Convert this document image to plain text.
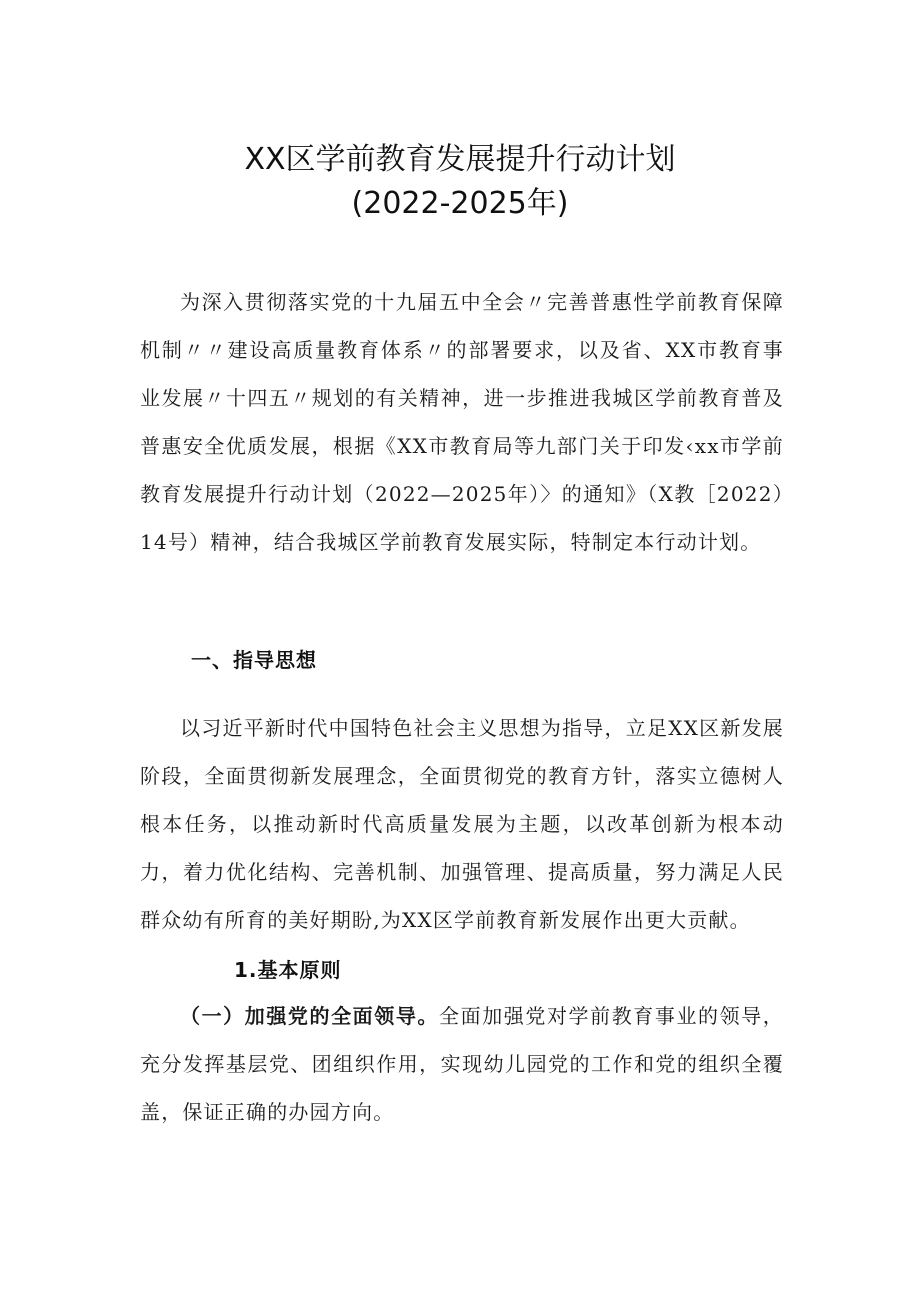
XX区学前教育发展提升行动计划
(2022-2025年)

为深入贯彻落实党的十九届五中全会〃完善普惠性学前教育保障机制〃〃建设高质量教育体系〃的部署要求，以及省、XX市教育事业发展〃十四五〃规划的有关精神，进一步推进我城区学前教育普及普惠安全优质发展，根据《XX市教育局等九部门关于印发‹xx市学前教育发展提升行动计划（2022—2025年）〉的通知》（X教［2022）14号）精神，结合我城区学前教育发展实际，特制定本行动计划。

一、指导思想

以习近平新时代中国特色社会主义思想为指导，立足XX区新发展阶段，全面贯彻新发展理念，全面贯彻党的教育方针，落实立德树人根本任务，以推动新时代高质量发展为主题，以改革创新为根本动力，着力优化结构、完善机制、加强管理、提高质量，努力满足人民群众幼有所育的美好期盼,为XX区学前教育新发展作出更大贡献。

1.基本原则

（一）加强党的全面领导。全面加强党对学前教育事业的领导，充分发挥基层党、团组织作用，实现幼儿园党的工作和党的组织全覆盖，保证正确的办园方向。
